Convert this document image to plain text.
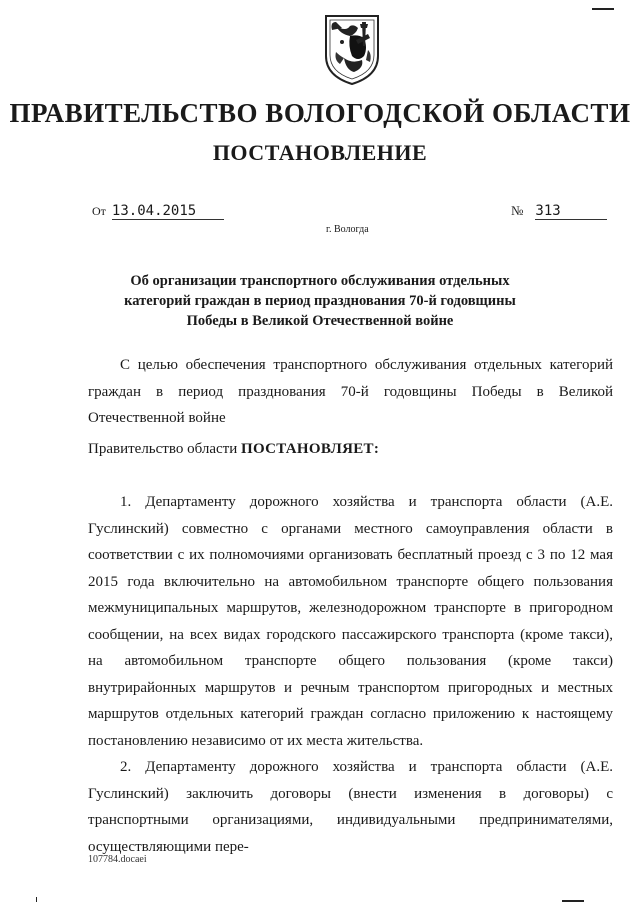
ПРАВИТЕЛЬСТВО ВОЛОГОДСКОЙ ОБЛАСТИ
ПОСТАНОВЛЕНИЕ
От 13.04.2015	№ 313
г. Вологда
Об организации транспортного обслуживания отдельных категорий граждан в период празднования 70-й годовщины Победы в Великой Отечественной войне

С целью обеспечения транспортного обслуживания отдельных категорий граждан в период празднования 70-й годовщины Победы в Великой Отечественной войне

Правительство области ПОСТАНОВЛЯЕТ:

1. Департаменту дорожного хозяйства и транспорта области (А.Е. Гуслинский) совместно с органами местного самоуправления области в соответствии с их полномочиями организовать бесплатный проезд с 3 по 12 мая 2015 года включительно на автомобильном транспорте общего пользования межмуниципальных маршрутов, железнодорожном транспорте в пригородном сообщении, на всех видах городского пассажирского транспорта (кроме такси), на автомобильном транспорте общего пользования (кроме такси) внутрирайонных маршрутов и речным транспортом пригородных и местных маршрутов отдельных категорий граждан согласно приложению к настоящему постановлению независимо от их места жительства.

2. Департаменту дорожного хозяйства и транспорта области (А.Е. Гуслинский) заключить договоры (внести изменения в договоры) с транспортными организациями, индивидуальными предпринимателями, осуществляющими пере-

107784.docaei
